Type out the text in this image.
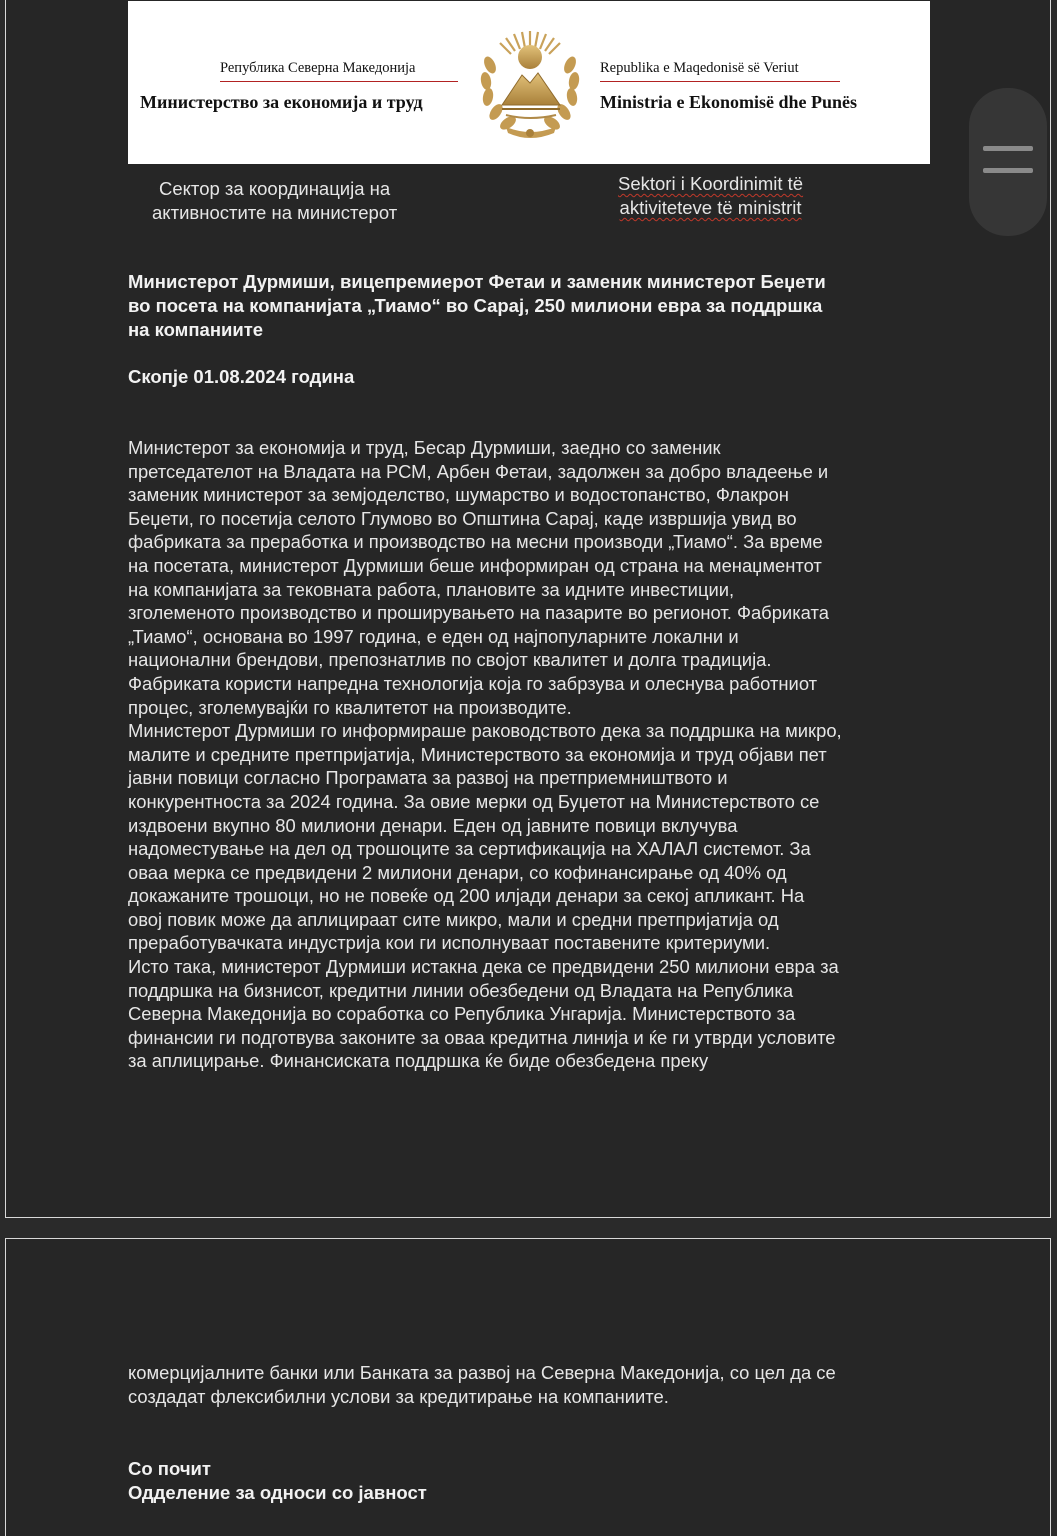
Република Северна Македонија
Министерство за економија и труд
Republika e Maqedonisë së Veriut
Ministria e Ekonomisë dhe Punës
Сектор за координација на
активностите на министерот
Sektori i Koordinimit të
aktiviteteve të ministrit
Министерот Дурмиши, вицепремиерот Фетаи и заменик министерот Беџети
во посета на компанијата „Тиамо“ во Сарај, 250 милиони евра за поддршка
на компаниите
Скопје 01.08.2024 година
Министерот за економија и труд, Бесар Дурмиши, заедно со заменик
претседателот на Владата на РСМ, Арбен Фетаи, задолжен за добро владеење и
заменик министерот за земјоделство, шумарство и водостопанство, Флакрон
Беџети, го посетија селото Глумово во Општина Сарај, каде извршија увид во
фабриката за преработка и производство на месни производи „Тиамо“. За време
на посетата, министерот Дурмиши беше информиран од страна на менаџментот
на компанијата за тековната работа, плановите за идните инвестиции,
зголеменото производство и проширувањето на пазарите во регионот. Фабриката
„Тиамо“, основана во 1997 година, е еден од најпопуларните локални и
национални брендови, препознатлив по својот квалитет и долга традиција.
Фабриката користи напредна технологија која го забрзува и олеснува работниот
процес, зголемувајќи го квалитетот на производите.
Министерот Дурмиши го информираше раководството дека за поддршка на микро,
малите и средните претпријатија, Министерството за економија и труд објави пет
јавни повици согласно Програмата за развој на претприемништвото и
конкурентноста за 2024 година. За овие мерки од Буџетот на Министерството се
издвоени вкупно 80 милиони денари. Еден од јавните повици вклучува
надоместување на дел од трошоците за сертификација на ХАЛАЛ системот. За
оваа мерка се предвидени 2 милиони денари, со кофинансирање од 40% од
докажаните трошоци, но не повеќе од 200 илјади денари за секој апликант. На
овој повик може да аплицираат сите микро, мали и средни претпријатија од
преработувачката индустрија кои ги исполнуваат поставените критериуми.
Исто така, министерот Дурмиши истакна дека се предвидени 250 милиони евра за
поддршка на бизнисот, кредитни линии обезбедени од Владата на Република
Северна Македонија во соработка со Република Унгарија. Министерството за
финансии ги подготвува законите за оваа кредитна линија и ќе ги утврди условите
за аплицирање. Финансиската поддршка ќе биде обезбедена преку
комерцијалните банки или Банката за развој на Северна Македонија, со цел да се
создадат флексибилни услови за кредитирање на компаниите.
Со почит
Одделение за односи со јавност
